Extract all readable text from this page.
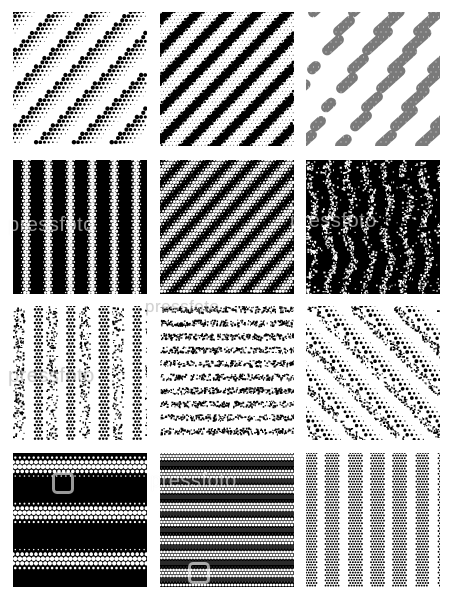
pressfoto	pressfoto
pressfoto
pressfoto
pressfoto
